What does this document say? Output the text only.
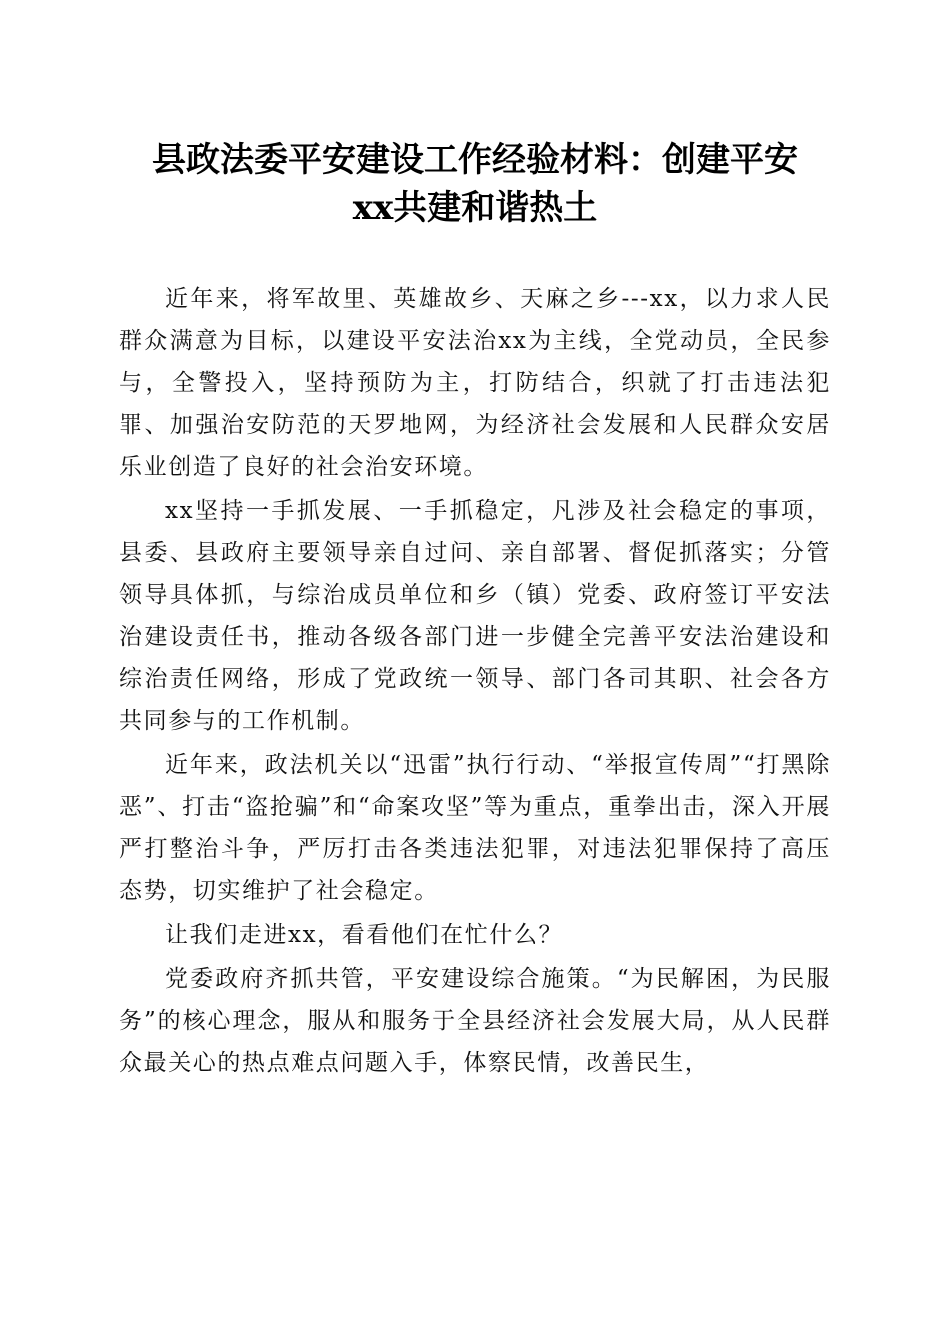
县政法委平安建设工作经验材料：创建平安
xx共建和谐热土

近年来，将军故里、英雄故乡、天麻之乡---xx，以力求人民群众满意为目标，以建设平安法治xx为主线，全党动员，全民参与，全警投入，坚持预防为主，打防结合，织就了打击违法犯罪、加强治安防范的天罗地网，为经济社会发展和人民群众安居乐业创造了良好的社会治安环境。

xx坚持一手抓发展、一手抓稳定，凡涉及社会稳定的事项，县委、县政府主要领导亲自过问、亲自部署、督促抓落实；分管领导具体抓，与综治成员单位和乡（镇）党委、政府签订平安法治建设责任书，推动各级各部门进一步健全完善平安法治建设和综治责任网络，形成了党政统一领导、部门各司其职、社会各方共同参与的工作机制。

近年来，政法机关以“迅雷”执行行动、“举报宣传周”“打黑除恶”、打击“盗抢骗”和“命案攻坚”等为重点，重拳出击，深入开展严打整治斗争，严厉打击各类违法犯罪，对违法犯罪保持了高压态势，切实维护了社会稳定。

让我们走进xx，看看他们在忙什么？

党委政府齐抓共管，平安建设综合施策。“为民解困，为民服务”的核心理念，服从和服务于全县经济社会发展大局，从人民群众最关心的热点难点问题入手，体察民情，改善民生，
